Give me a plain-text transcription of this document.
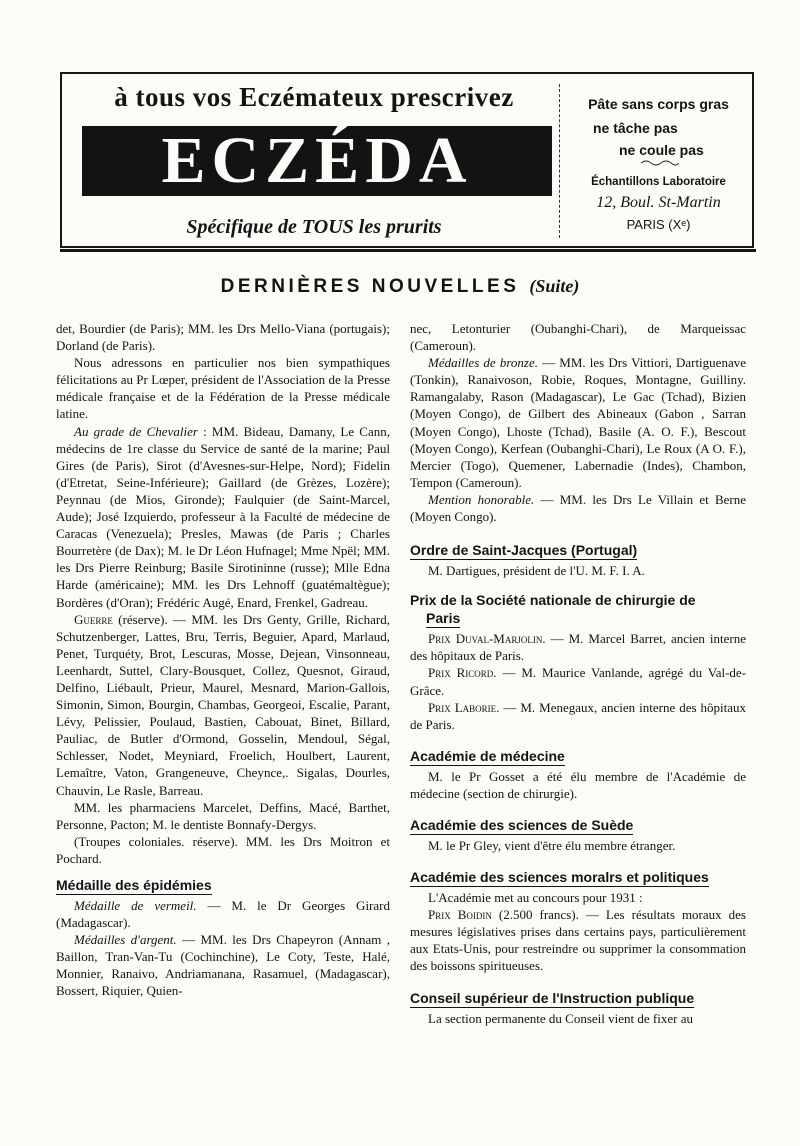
à tous vos Eczémateux prescrivez
ECZÉDA
Spécifique de TOUS les prurits
Pâte sans corps gras
ne tâche pas
ne coule pas
Échantillons Laboratoire
12, Boul. St-Martin
PARIS (Xᵉ)
DERNIÈRES NOUVELLES (Suite)

det, Bourdier (de Paris); MM. les Drs Mello-Viana (portugais); Dorland (de Paris).

Nous adressons en particulier nos bien sympathiques félicitations au Pr Lœper, président de l'Association de la Presse médicale française et de la Fédération de la Presse médicale latine.

Au grade de Chevalier : MM. Bideau, Damany, Le Cann, médecins de 1re classe du Service de santé de la marine; Paul Gires (de Paris), Sirot (d'Avesnes-sur-Helpe, Nord); Fidelin (d'Etretat, Seine-Inférieure); Gaillard (de Grèzes, Lozère); Peynnau (de Mios, Gironde); Faulquier (de Saint-Marcel, Aude); José Izquierdo, professeur à la Faculté de médecine de Caracas (Venezuela); Presles, Mawas (de Paris ; Charles Bourretère (de Dax); M. le Dr Léon Hufnagel; Mme Npël; MM. les Drs Pierre Reinburg; Basile Sirotininne (russe); Mlle Edna Harde (américaine); MM. les Drs Lehnoff (guatémaltègue); Bordères (d'Oran); Frédéric Augé, Enard, Frenkel, Gadreau.

Guerre (réserve). — MM. les Drs Genty, Grille, Richard, Schutzenberger, Lattes, Bru, Terris, Beguier, Apard, Marlaud, Penet, Turquéty, Brot, Lescuras, Mosse, Dejean, Vinsonneau, Leenhardt, Suttel, Clary-Bousquet, Collez, Quesnot, Giraud, Delfino, Liébault, Prieur, Maurel, Mesnard, Marion-Gallois, Simonin, Simon, Bourgin, Chambas, Georgeoi, Escalie, Parant, Lévy, Pelissier, Poulaud, Bastien, Cabouat, Binet, Billard, Pauliac, de Butler d'Ormond, Gosselin, Mendoul, Ségal, Schlesser, Nodet, Meyniard, Froelich, Houlbert, Laurent, Lemaître, Vaton, Grangeneuve, Cheynce,. Sigalas, Dourles, Chauvin, Le Rasle, Barreau.

MM. les pharmaciens Marcelet, Deffins, Macé, Barthet, Personne, Pacton; M. le dentiste Bonnafy-Dergys.

(Troupes coloniales. réserve). MM. les Drs Moitron et Pochard.

Médaille des épidémies

Médaille de vermeil. — M. le Dr Georges Girard (Madagascar).

Médailles d'argent. — MM. les Drs Chapeyron (Annam , Baillon, Tran-Van-Tu (Cochinchine), Le Coty, Teste, Halé, Monnier, Ranaivo, Andriamanana, Rasamuel, (Madagascar), Bossert, Riquier, Quien-

nec, Letonturier (Oubanghi-Chari), de Marqueissac (Cameroun).

Médailles de bronze. — MM. les Drs Vittiori, Dartiguenave (Tonkin), Ranaivoson, Robie, Roques, Montagne, Guilliny. Ramangalaby, Rason (Madagascar), Le Gac (Tchad), Bizien (Moyen Congo), de Gilbert des Abineaux (Gabon , Sarran (Moyen Congo), Lhoste (Tchad), Basile (A. O. F.), Bescout (Moyen Congo), Kerfean (Oubanghi-Chari), Le Roux (A O. F.), Mercier (Togo), Quemener, Labernadie (Indes), Chambon, Tempon (Cameroun).

Mention honorable. — MM. les Drs Le Villain et Berne (Moyen Congo).

Ordre de Saint-Jacques (Portugal)

M. Dartigues, président de l'U. M. F. I. A.

Prix de la Société nationale de chirurgie de
Paris

Prix Duval-Marjolin. — M. Marcel Barret, ancien interne des hôpitaux de Paris.

Prix Ricord. — M. Maurice Vanlande, agrégé du Val-de-Grâce.

Prix Laborie. — M. Menegaux, ancien interne des hôpitaux de Paris.

Académie de médecine

M. le Pr Gosset a été élu membre de l'Académie de médecine (section de chirurgie).

Académie des sciences de Suède

M. le Pr Gley, vient d'être élu membre étranger.

Académie des sciences moralrs et politiques

L'Académie met au concours pour 1931 :

Prix Boidin (2.500 francs). — Les résultats moraux des mesures législatives prises dans certains pays, particulièrement aux Etats-Unis, pour restreindre ou supprimer la consommation des boissons spiritueuses.

Conseil supérieur de l'Instruction publique

La section permanente du Conseil vient de fixer au
